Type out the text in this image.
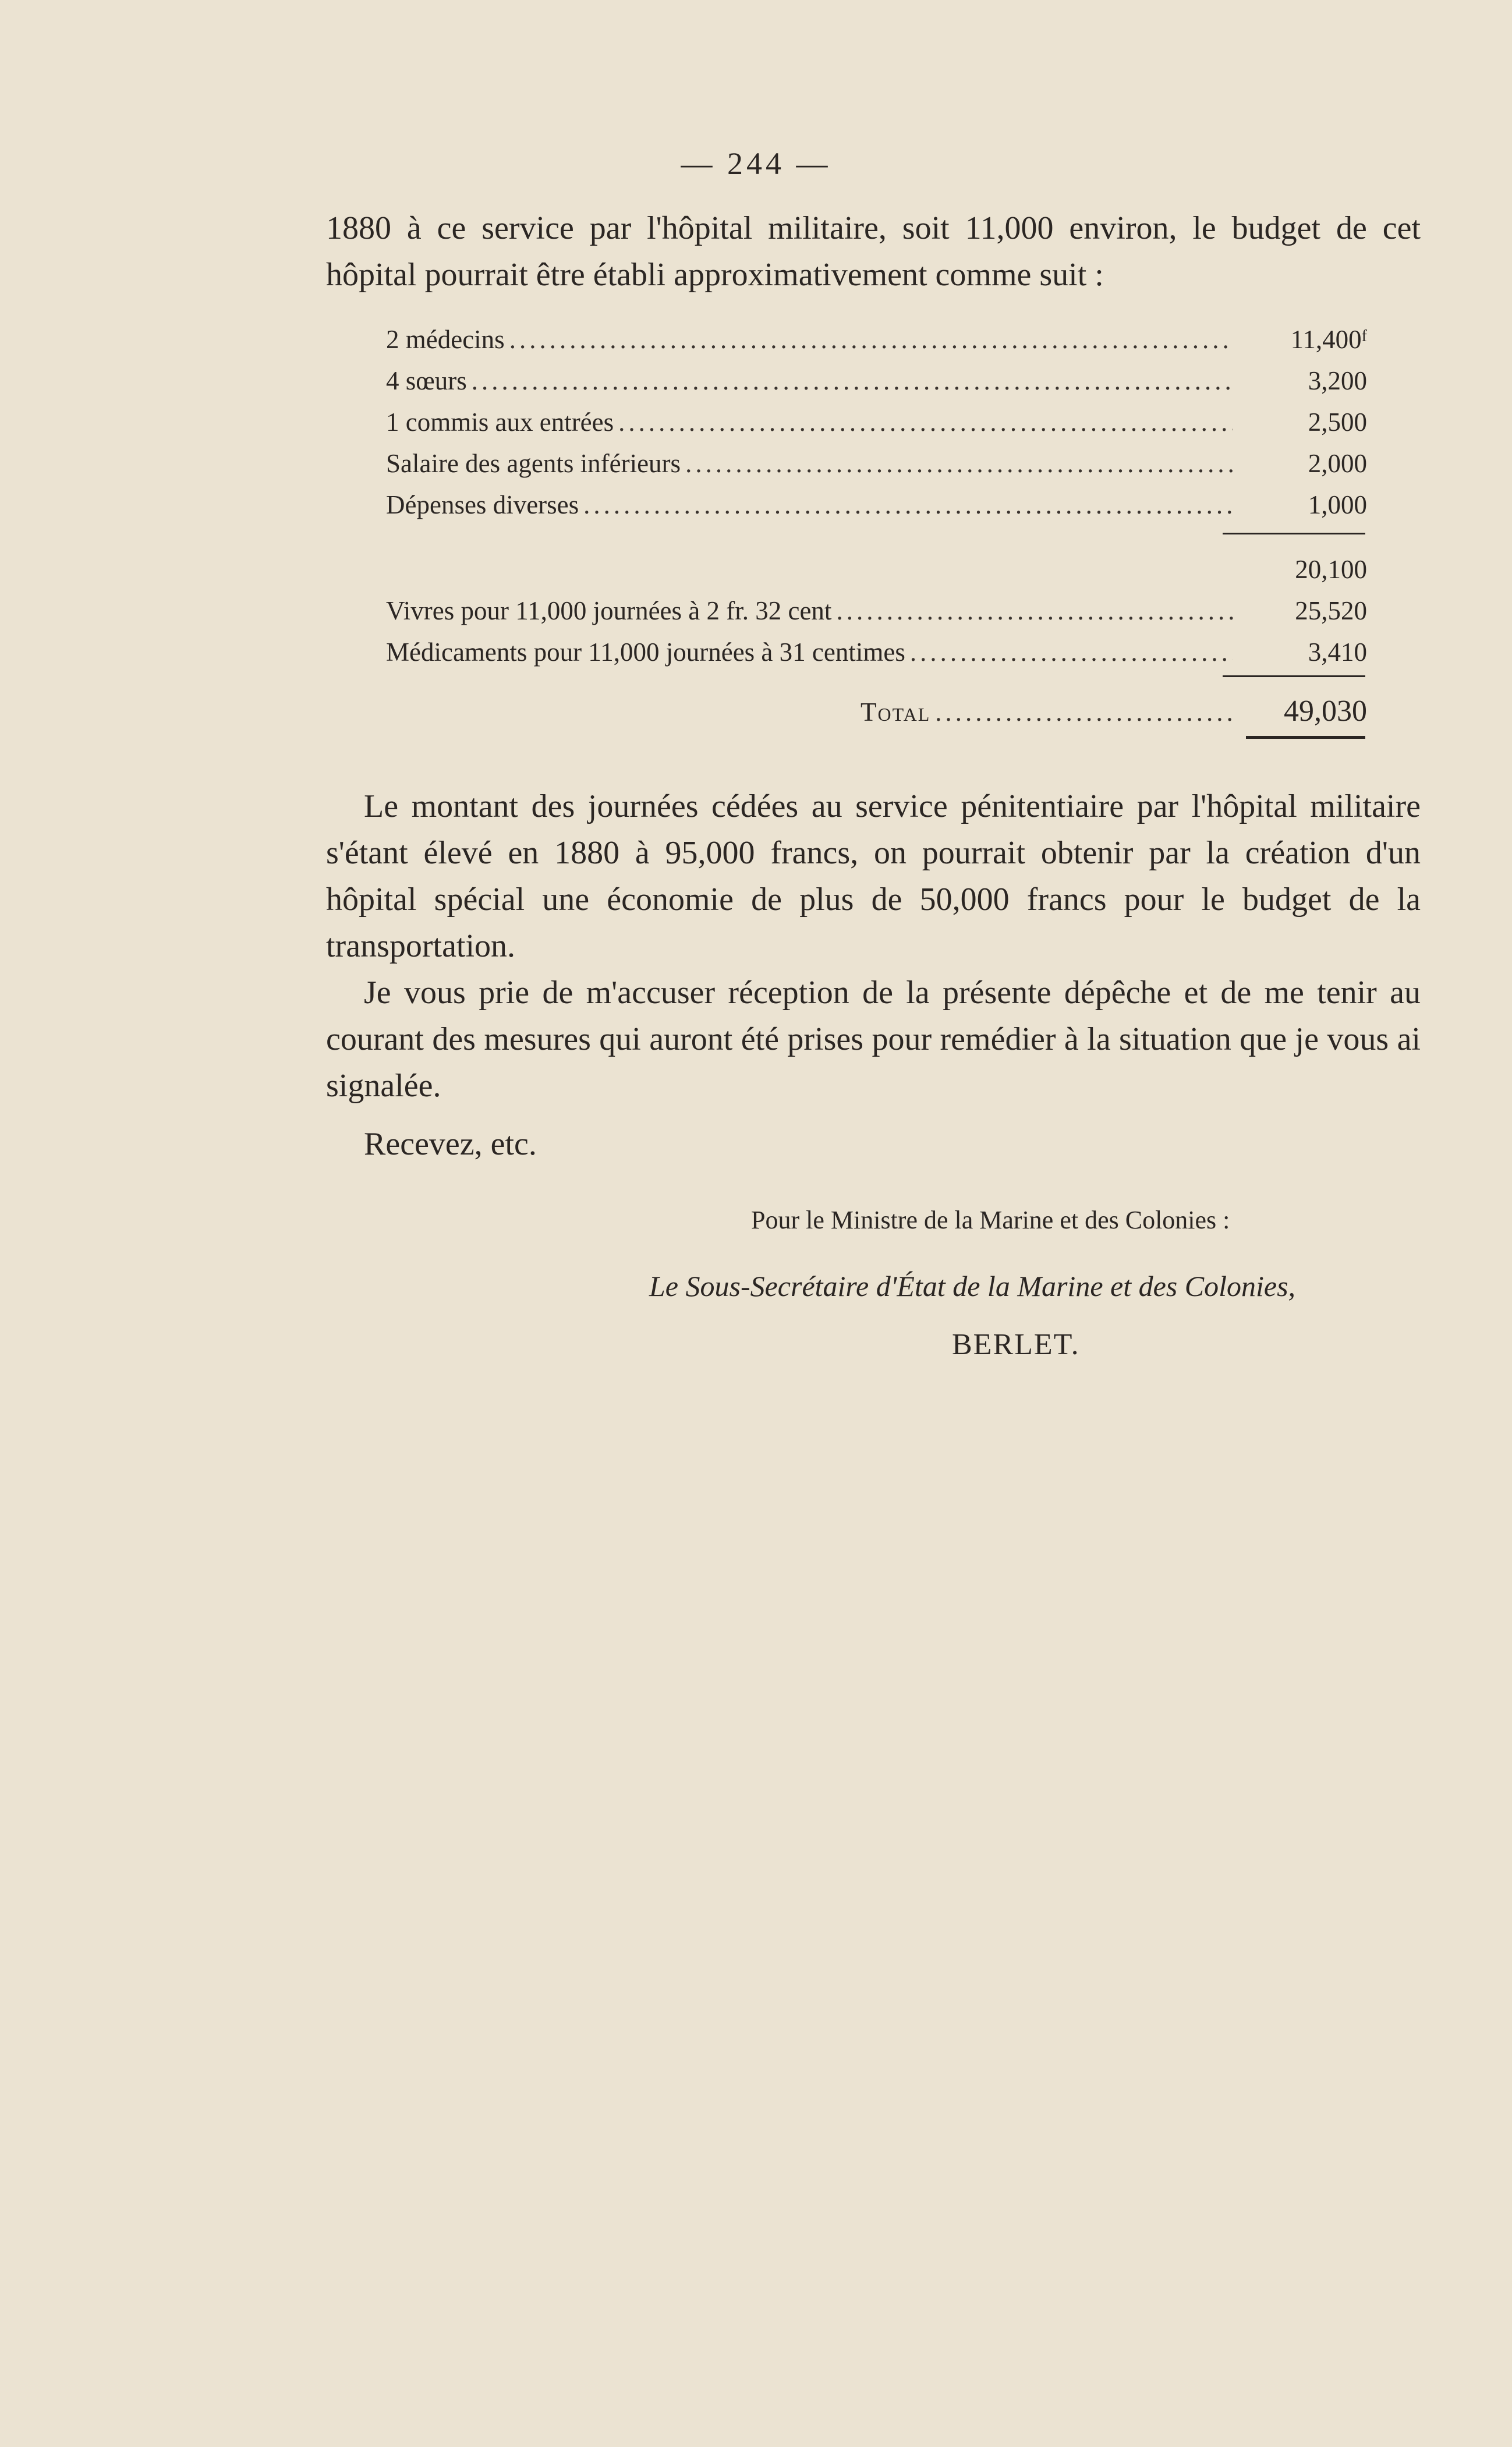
— 244 —

1880 à ce service par l'hôpital militaire, soit 11,000 environ, le budget de cet hôpital pourrait être établi approximativement comme suit :

2 médecins .....	11,400$^f$
4 sœurs .....	3,200
1 commis aux entrées .....	2,500
Salaire des agents inférieurs .....	2,000
Dépenses diverses .....	1,000
20,100
Vivres pour 11,000 journées à 2 fr. 32 cent .....	25,520
Médicaments pour 11,000 journées à 31 centimes .....	3,410
Total .....	49,030

Le montant des journées cédées au service pénitentiaire par l'hôpital militaire s'étant élevé en 1880 à 95,000 francs, on pourrait obtenir par la création d'un hôpital spécial une économie de plus de 50,000 francs pour le budget de la transportation.

Je vous prie de m'accuser réception de la présente dépêche et de me tenir au courant des mesures qui auront été prises pour remédier à la situation que je vous ai signalée.

Recevez, etc.

Pour le Ministre de la Marine et des Colonies :
Le Sous-Secrétaire d'État de la Marine et des Colonies,
BERLET.
